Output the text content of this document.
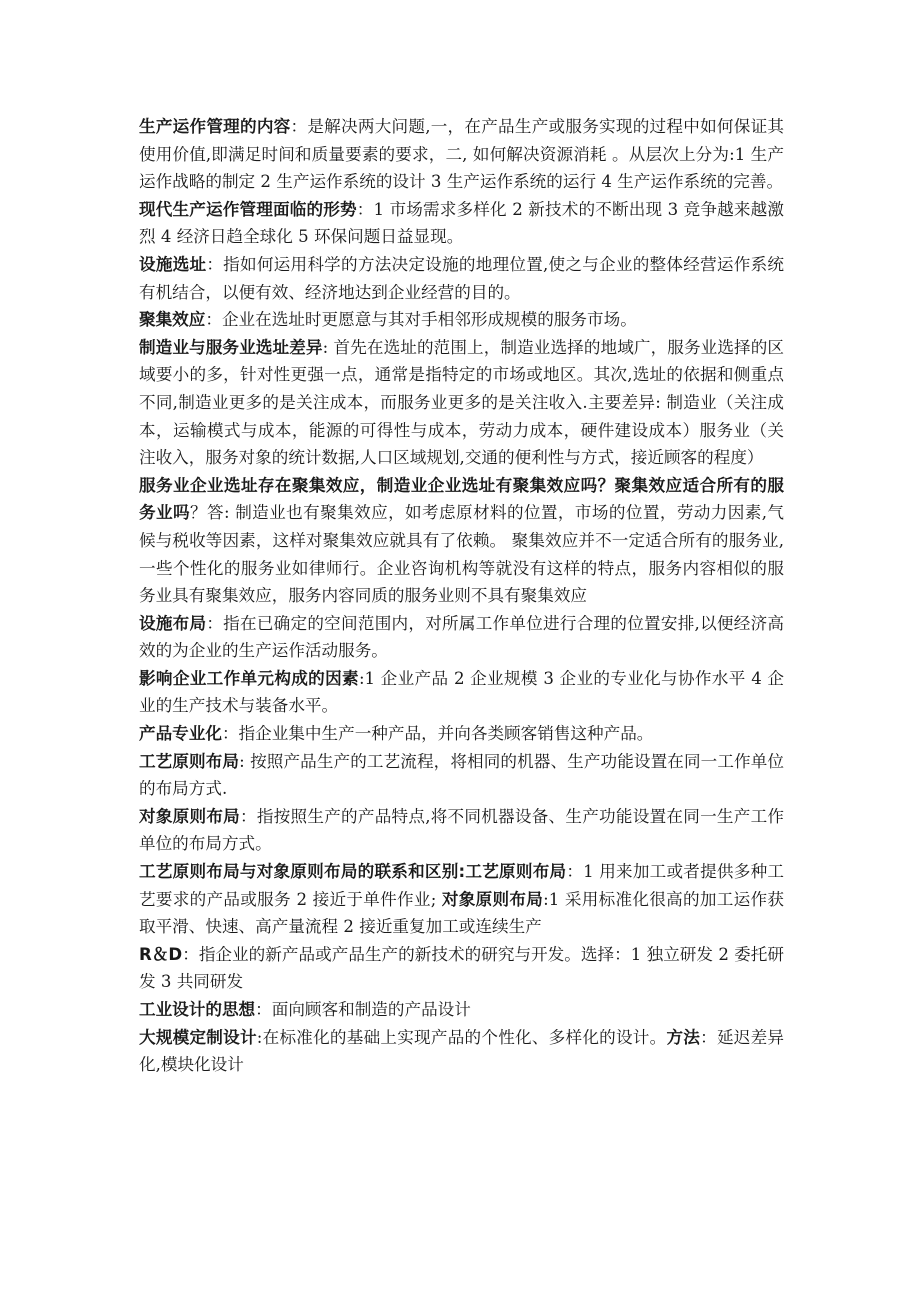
生产运作管理的内容：是解决两大问题,一，在产品生产或服务实现的过程中如何保证其使用价值,即满足时间和质量要素的要求，二, 如何解决资源消耗 。从层次上分为:1 生产运作战略的制定 2 生产运作系统的设计 3 生产运作系统的运行 4 生产运作系统的完善。

现代生产运作管理面临的形势：1 市场需求多样化 2 新技术的不断出现 3 竞争越来越激烈 4 经济日趋全球化 5 环保问题日益显现。

设施选址：指如何运用科学的方法决定设施的地理位置,使之与企业的整体经营运作系统有机结合，以便有效、经济地达到企业经营的目的。

聚集效应：企业在选址时更愿意与其对手相邻形成规模的服务市场。

制造业与服务业选址差异: 首先在选址的范围上，制造业选择的地域广，服务业选择的区域要小的多，针对性更强一点，通常是指特定的市场或地区。其次,选址的依据和侧重点不同,制造业更多的是关注成本，而服务业更多的是关注收入.主要差异: 制造业（关注成本，运输模式与成本，能源的可得性与成本，劳动力成本，硬件建设成本）服务业（关注收入，服务对象的统计数据,人口区域规划,交通的便利性与方式，接近顾客的程度）

服务业企业选址存在聚集效应，制造业企业选址有聚集效应吗？聚集效应适合所有的服务业吗？答: 制造业也有聚集效应，如考虑原材料的位置，市场的位置，劳动力因素,气候与税收等因素，这样对聚集效应就具有了依赖。 聚集效应并不一定适合所有的服务业,一些个性化的服务业如律师行。企业咨询机构等就没有这样的特点，服务内容相似的服务业具有聚集效应，服务内容同质的服务业则不具有聚集效应

设施布局：指在已确定的空间范围内，对所属工作单位进行合理的位置安排,以便经济高效的为企业的生产运作活动服务。

影响企业工作单元构成的因素:1 企业产品 2 企业规模 3 企业的专业化与协作水平 4 企业的生产技术与装备水平。

产品专业化：指企业集中生产一种产品，并向各类顾客销售这种产品。

工艺原则布局: 按照产品生产的工艺流程，将相同的机器、生产功能设置在同一工作单位的布局方式.

对象原则布局：指按照生产的产品特点,将不同机器设备、生产功能设置在同一生产工作单位的布局方式。

工艺原则布局与对象原则布局的联系和区别:工艺原则布局：1 用来加工或者提供多种工艺要求的产品或服务 2 接近于单件作业; 对象原则布局:1 采用标准化很高的加工运作获取平滑、快速、高产量流程 2 接近重复加工或连续生产

R＆D：指企业的新产品或产品生产的新技术的研究与开发。选择：1 独立研发 2 委托研发 3 共同研发

工业设计的思想：面向顾客和制造的产品设计

大规模定制设计:在标准化的基础上实现产品的个性化、多样化的设计。方法：延迟差异化,模块化设计
